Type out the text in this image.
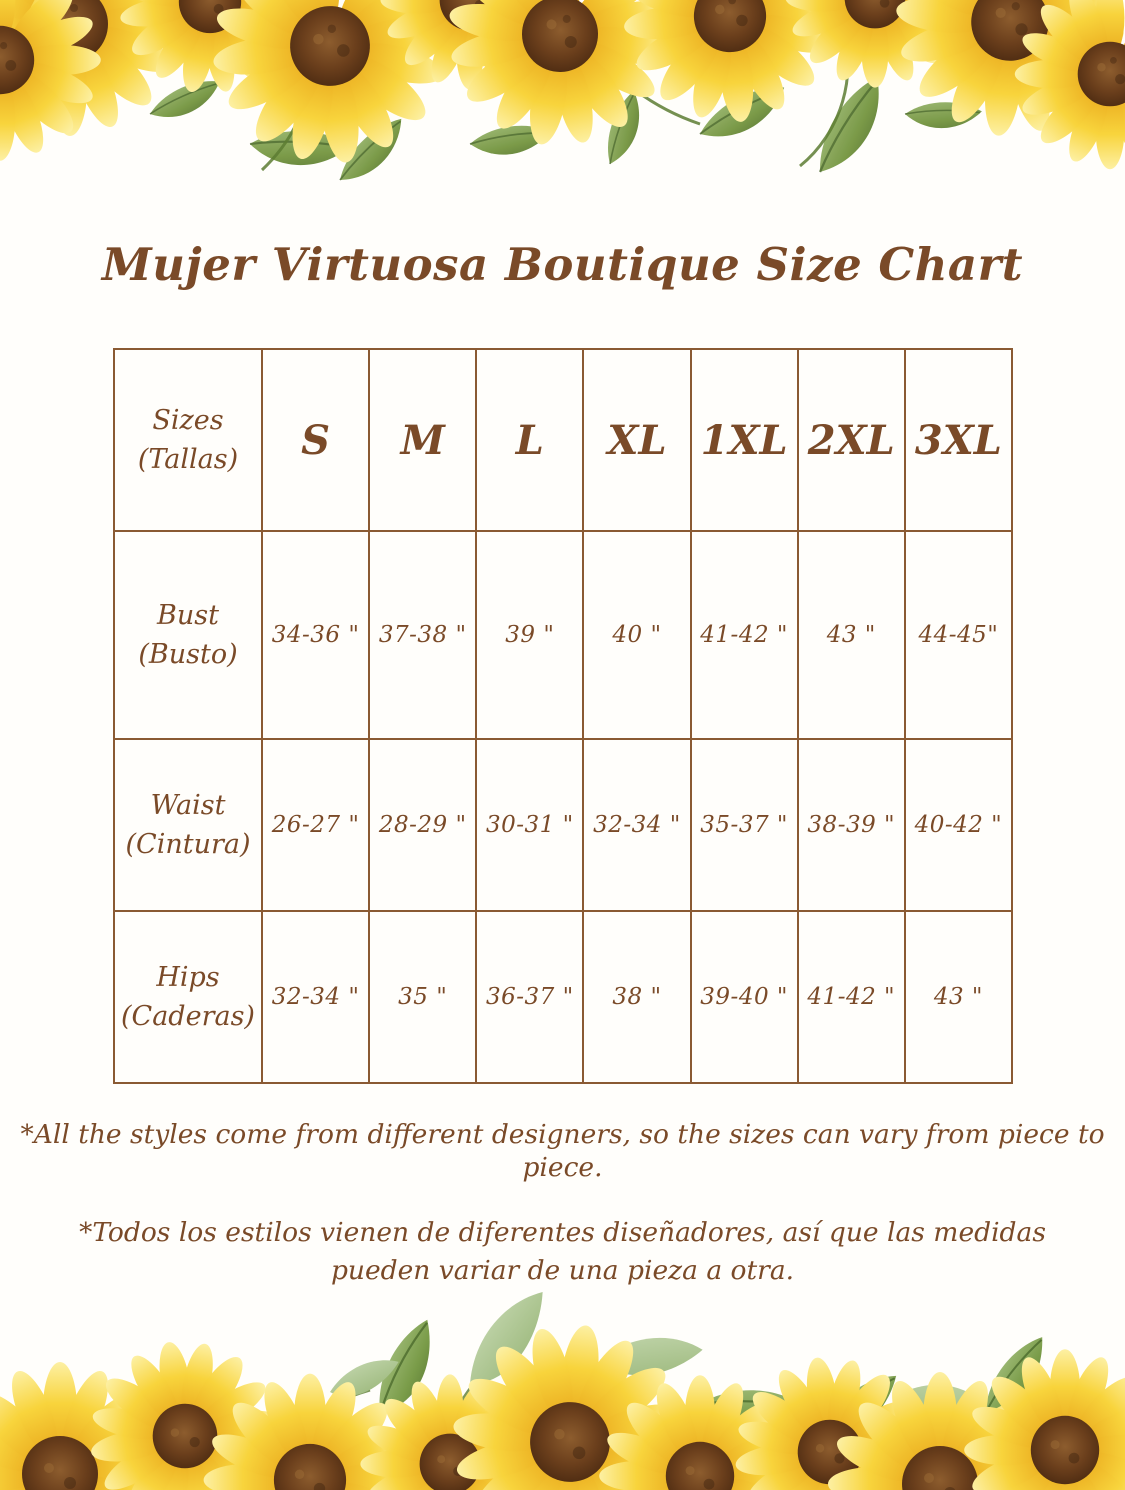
Mujer Virtuosa Boutique Size Chart
Sizes
(Tallas)	S	M	L	XL	1XL	2XL	3XL

Bust
(Busto)	34-36 "	37-38 "	39 "	40 "	41-42 "	43 "	44-45"

Waist
(Cintura)	26-27 "	28-29 "	30-31 "	32-34 "	35-37 "	38-39 "	40-42 "

Hips
(Caderas)	32-34 "	35 "	36-37 "	38 "	39-40 "	41-42 "	43 "
*All the styles come from different designers, so the sizes can vary from piece to piece.
*Todos los estilos vienen de diferentes diseñadores, así que las medidas pueden variar de una pieza a otra.
